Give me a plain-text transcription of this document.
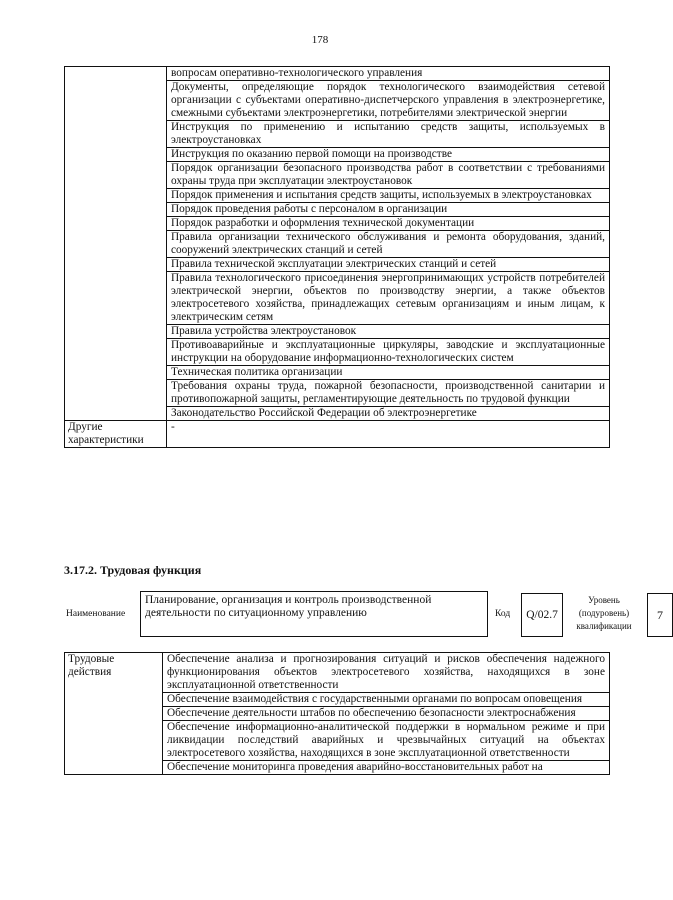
178
	вопросам оперативно-технологического управления
	Документы, определяющие порядок технологического взаимодействия сетевой организации с субъектами оперативно-диспетчерского управления в электроэнергетике, смежными субъектами электроэнергетики, потребителями электрической энергии
	Инструкция по применению и испытанию средств защиты, используемых в электроустановках
	Инструкция по оказанию первой помощи на производстве
	Порядок организации безопасного производства работ в соответствии с требованиями охраны труда при эксплуатации электроустановок
	Порядок применения и испытания средств защиты, используемых в электроустановках
	Порядок проведения работы с персоналом в организации
	Порядок разработки и оформления технической документации
	Правила организации технического обслуживания и ремонта оборудования, зданий, сооружений электрических станций и сетей
	Правила технической эксплуатации электрических станций и сетей
	Правила технологического присоединения энергопринимающих устройств потребителей электрической энергии, объектов по производству энергии, а также объектов электросетевого хозяйства, принадлежащих сетевым организациям и иным лицам, к электрическим сетям
	Правила устройства электроустановок
	Противоаварийные и эксплуатационные циркуляры, заводские и эксплуатационные инструкции на оборудование информационно-технологических систем
	Техническая политика организации
	Требования охраны труда, пожарной безопасности, производственной санитарии и противопожарной защиты, регламентирующие деятельность по трудовой функции
	Законодательство Российской Федерации об электроэнергетике
Другие характеристики	-
3.17.2. Трудовая функция
Наименование
Планирование, организация и контроль производственной деятельности по ситуационному управлению	Код	Q/02.7
Уровень (подуровень) квалификации
7
Трудовые действия	Обеспечение анализа и прогнозирования ситуаций и рисков обеспечения надежного функционирования объектов электросетевого хозяйства, находящихся в зоне эксплуатационной ответственности
Обеспечение взаимодействия с государственными органами по вопросам оповещения
Обеспечение деятельности штабов по обеспечению безопасности электроснабжения
Обеспечение информационно-аналитической поддержки в нормальном режиме и при ликвидации последствий аварийных и чрезвычайных ситуаций на объектах электросетевого хозяйства, находящихся в зоне эксплуатационной ответственности
Обеспечение мониторинга проведения аварийно-восстановительных работ на
